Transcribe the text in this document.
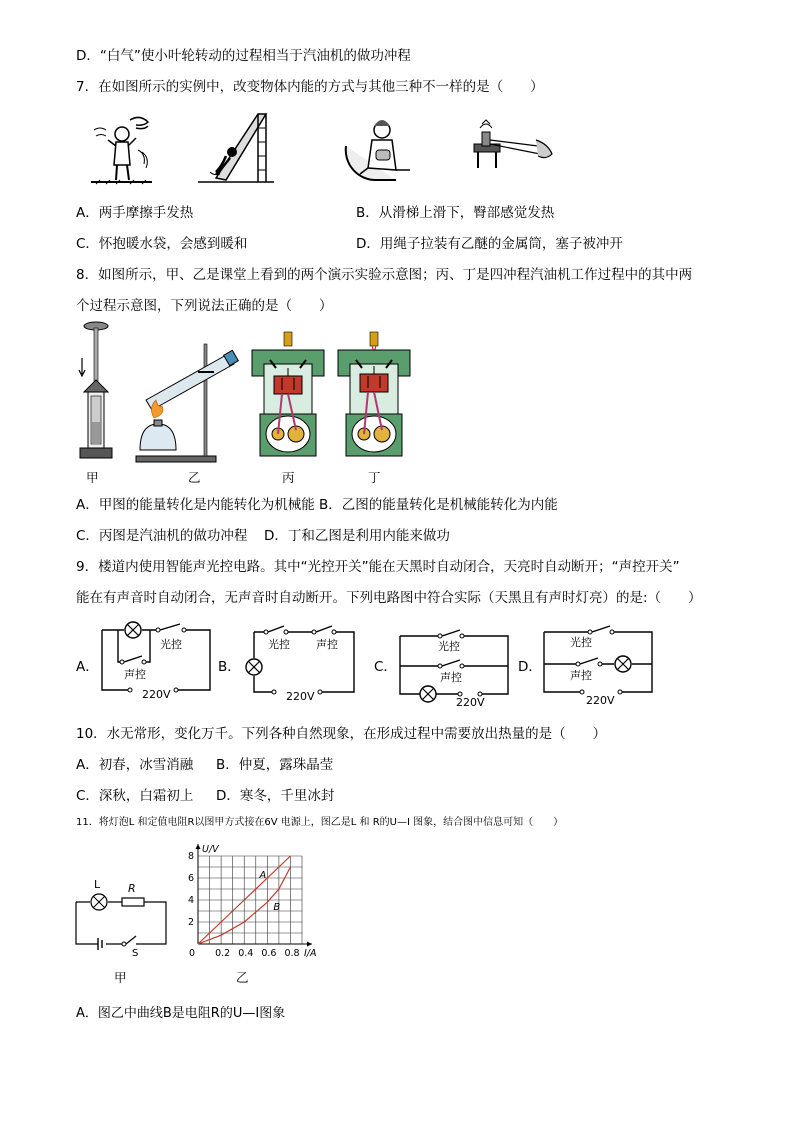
D．“白气”使小叶轮转动的过程相当于汽油机的做功冲程
7．在如图所示的实例中，改变物体内能的方式与其他三种不一样的是（　　）
A．两手摩擦手发热	B．从滑梯上滑下，臀部感觉发热
C．怀抱暖水袋，会感到暖和	D．用绳子拉装有乙醚的金属筒，塞子被冲开
8．如图所示，甲、乙是课堂上看到的两个演示实验示意图；丙、丁是四冲程汽油机工作过程中的其中两
个过程示意图，下列说法正确的是（　　）
甲	乙	丙	丁
A．甲图的能量转化是内能转化为机械能 B．乙图的能量转化是机械能转化为内能
C．丙图是汽油机的做功冲程 D．丁和乙图是利用内能来做功
9．楼道内使用智能声光控电路。其中“光控开关”能在天黑时自动闭合，天亮时自动断开；“声控开关”
能在有声音时自动闭合，无声音时自动断开。下列电路图中符合实际（天黑且有声时灯亮）的是:（　　）
A．
光控
声控
220V
B．
光控 声控
220V
C．
光控
声控
220V
D．
光控
声控
220V
10．水无常形，变化万千。下列各种自然现象，在形成过程中需要放出热量的是（　　）
A．初春，冰雪消融 B．仲夏，露珠晶莹
C．深秋，白霜初上 D．寒冬，千里冰封
11．将灯泡L 和定值电阻R以图甲方式接在6V 电源上，图乙是L 和 R的U—I 图象，结合图中信息可知（　　）
L	R
S
甲
A
B
0 0.2 0.4 0.6 0.8
2
4
6
8
I/A
U/V
乙
A．图乙中曲线B是电阻R的U—I图象
